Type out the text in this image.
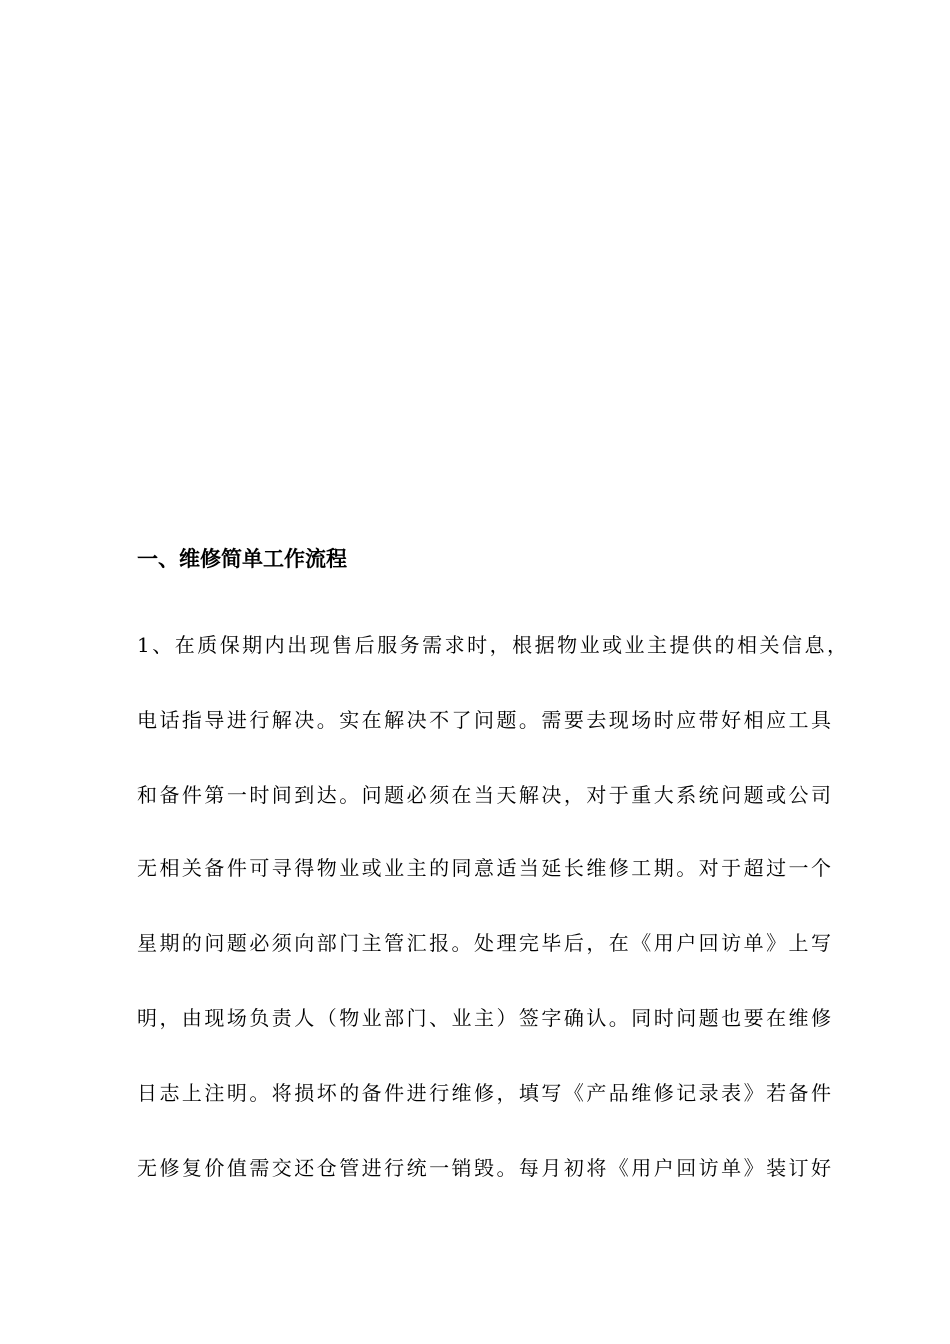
一、维修简单工作流程
1、在质保期内出现售后服务需求时，根据物业或业主提供的相关信息，
电话指导进行解决。实在解决不了问题。需要去现场时应带好相应工具
和备件第一时间到达。问题必须在当天解决，对于重大系统问题或公司
无相关备件可寻得物业或业主的同意适当延长维修工期。对于超过一个
星期的问题必须向部门主管汇报。处理完毕后，在《用户回访单》上写
明，由现场负责人（物业部门、业主）签字确认。同时问题也要在维修
日志上注明。将损坏的备件进行维修，填写《产品维修记录表》若备件
无修复价值需交还仓管进行统一销毁。每月初将《用户回访单》装订好
